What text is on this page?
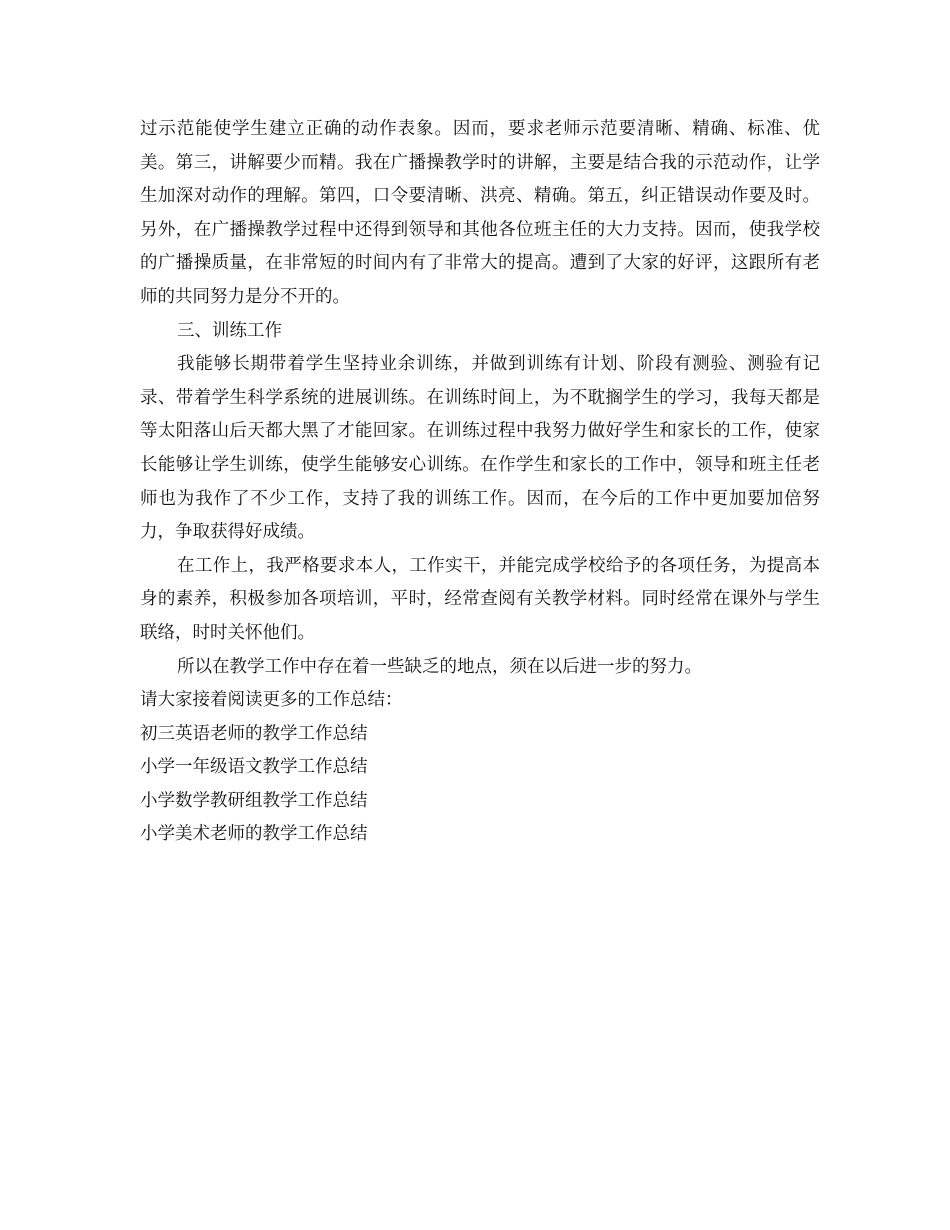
过示范能使学生建立正确的动作表象。因而，要求老师示范要清晰、精确、标准、优美。第三，讲解要少而精。我在广播操教学时的讲解，主要是结合我的示范动作，让学生加深对动作的理解。第四，口令要清晰、洪亮、精确。第五，纠正错误动作要及时。另外，在广播操教学过程中还得到领导和其他各位班主任的大力支持。因而，使我学校的广播操质量，在非常短的时间内有了非常大的提高。遭到了大家的好评，这跟所有老师的共同努力是分不开的。

三、训练工作

我能够长期带着学生坚持业余训练，并做到训练有计划、阶段有测验、测验有记录、带着学生科学系统的进展训练。在训练时间上，为不耽搁学生的学习，我每天都是等太阳落山后天都大黑了才能回家。在训练过程中我努力做好学生和家长的工作，使家长能够让学生训练，使学生能够安心训练。在作学生和家长的工作中，领导和班主任老师也为我作了不少工作，支持了我的训练工作。因而，在今后的工作中更加要加倍努力，争取获得好成绩。

在工作上，我严格要求本人，工作实干，并能完成学校给予的各项任务，为提高本身的素养，积极参加各项培训，平时，经常查阅有关教学材料。同时经常在课外与学生联络，时时关怀他们。

所以在教学工作中存在着一些缺乏的地点，须在以后进一步的努力。

请大家接着阅读更多的工作总结：

初三英语老师的教学工作总结

小学一年级语文教学工作总结

小学数学教研组教学工作总结

小学美术老师的教学工作总结
